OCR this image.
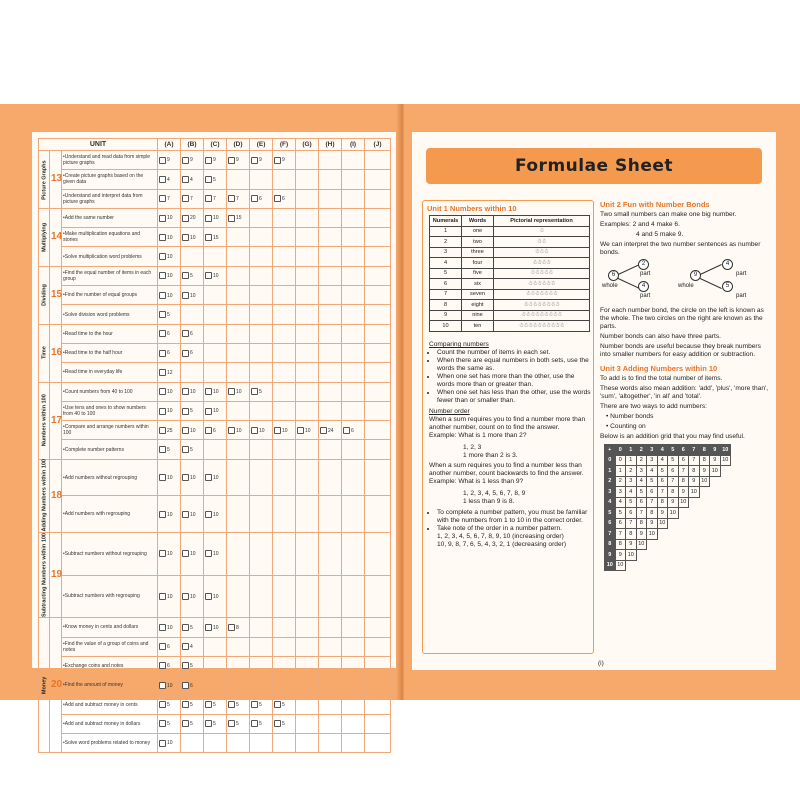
UNIT			(A)	(B)	(C)	(D)	(E)	(F)	(G)	(H)	(I)	(J)
Picture Graphs	13	• Understand and read data from simple picture graphs	9	9	9	9	9	9				
		• Create picture graphs based on the given data	4	4	5							
		• Understand and interpret data from picture graphs	7	7	7	7	6	6				
Multiplying	14	• Add the same number	10	20	10	15						
		• Make multiplication equations and stories	10	10	15							
		• Solve multiplication word problems	10									
Dividing	15	• Find the equal number of items in each group	10	5	10							
		• Find the number of equal groups	10	10								
		• Solve division word problems	5									
Time	16	• Read time to the hour	6	6								
		• Read time to the half hour	6	6								
		• Read time in everyday life	12									
Numbers within 100	17	• Count numbers from 40 to 100	10	10	10	10	5					
		• Use tens and ones to show numbers from 40 to 100	10	5	10							
		• Compare and arrange numbers within 100	25	10	6	10	10	10	10	24	6	
		• Complete number patterns	5	5								
Adding Numbers within 100	18	• Add numbers without regrouping	10	10	10							
		• Add numbers with regrouping	10	10	10							
Subtracting Numbers within 100	19	• Subtract numbers without regrouping	10	10	10							
		• Subtract numbers with regrouping	10	10	10							
Money	20	• Know money in cents and dollars	10	5	10	8						
		• Find the value of a group of coins and notes	6	4								
		• Exchange coins and notes	6	5								
		• Find the amount of money	10	6								
		• Add and subtract money in cents	5	5	5	5	5	5				
		• Add and subtract money in dollars	5	5	5	5	5	5				
		• Solve word problems related to money	10									
Formulae Sheet
Unit 1 Numbers within 10
Numerals	Words	Pictorial representation
1	one	☃
2	two	☃☃
3	three	☃☃☃
4	four	☃☃☃☃
5	five	☃☃☃☃☃
6	six	☃☃☃☃☃☃
7	seven	☃☃☃☃☃☃☃
8	eight	☃☃☃☃☃☃☃☃
9	nine	☃☃☃☃☃☃☃☃☃
10	ten	☃☃☃☃☃☃☃☃☃☃
Comparing numbers
• Count the number of items in each set.
• When there are equal numbers in both sets, use the words the same as.
• When one set has more than the other, use the words more than or greater than.
• When one set has less than the other, use the words fewer than or smaller than.
Number order
When a sum requires you to find a number more than another number, count on to find the answer.
Example: What is 1 more than 2?
1, 2, 3
1 more than 2 is 3.
When a sum requires you to find a number less than another number, count backwards to find the answer.
Example: What is 1 less than 9?
1, 2, 3, 4, 5, 6, 7, 8, 9
1 less than 9 is 8.
• To complete a number pattern, you must be familiar with the numbers from 1 to 10 in the correct order.
• Take note of the order in a number pattern.
1, 2, 3, 4, 5, 6, 7, 8, 9, 10 (increasing order)
10, 9, 8, 7, 6, 5, 4, 3, 2, 1 (decreasing order)
Unit 2 Fun with Number Bonds
Two small numbers can make one big number.
Examples: 2 and 4 make 6.
4 and 5 make 9.
We can interpret the two number sentences as number bonds.
6
2
4
whole
part
part
9
4
5
whole
part
part
For each number bond, the circle on the left is known as the whole. The two circles on the right are known as the parts.
Number bonds can also have three parts.
Number bonds are useful because they break numbers into smaller numbers for easy addition or subtraction.
Unit 3 Adding Numbers within 10
To add is to find the total number of items.
These words also mean addition: 'add', 'plus', 'more than', 'sum', 'altogether', 'in all' and 'total'.
There are two ways to add numbers:
• Number bonds
• Counting on
Below is an addition grid that you may find useful.
+	0	1	2	3	4	5	6	7	8	9	10
0	0	1	2	3	4	5	6	7	8	9	10
1	1	2	3	4	5	6	7	8	9	10	
2	2	3	4	5	6	7	8	9	10		
3	3	4	5	6	7	8	9	10			
4	4	5	6	7	8	9	10				
5	5	6	7	8	9	10					
6	6	7	8	9	10						
7	7	8	9	10							
8	8	9	10								
9	9	10									
10	10										
(i)
